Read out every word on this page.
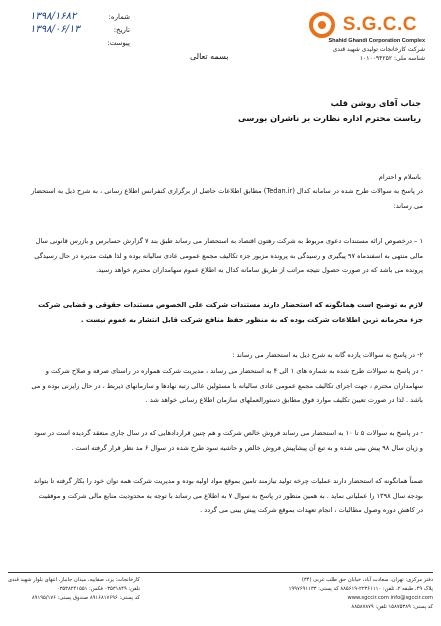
S.G.C.C
Shahid Ghandi Corporation Complex
شرکت کارخانجات تولیدی شهید قندی
شناسه ملی: ۱۰۱۰۰۹۴۲۵۲
بسمه تعالی
۱۳۹۸/۱۶۸۲	شماره:
۱۳۹۸/۰۶/۱۳	تاریخ:
پیوست:
جناب آقای روشن قلب
ریاست محترم اداره نظارت بر ناشران بورسی
باسلام و احترام
در پاسخ به سوالات طرح شده در سامانه کدال (Tedan.ir) مطابق اطلاعات حاصل از برگزاری کنفرانس اطلاع رسانی ، به شرح ذیل به استحضار می رساند:
۱ – درخصوص ارائه مستندات دعوی مربوط به شرکت رهتون اقتصاد به استحضار می رساند طبق بند ۷ گزارش حسابرس و بازرس قانونی سال مالی منتهی به اسفندماه ۹۷ پیگیری و رسیدگی به پرونده مزبور جزء تکالیف مجمع عمومی عادی سالیانه بوده و لذا هیئت مدیره در حال رسیدگی پرونده می باشد که در صورت حصول نتیجه مراتب از طریق سامانه کدال به اطلاع عموم سهامداران محترم خواهد رسید.
لازم به توضیح است همانگونه که استحضار دارند مستندات شرکت علی الخصوص مستندات حقوقی و قضایی شرکت جزء محرمانه ترین اطلاعات شرکت بوده که به منظور حفظ منافع شرکت قابل انتشار به عموم نیست .
۲- در پاسخ به سوالات یازده گانه به شرح ذیل به استحضار می رساند :
- در پاسخ به سوالات طرح شده به شماره های ۱ الی ۴ به استحضار می رساند ، مدیریت شرکت همواره در راستای صرفه و صلاح شرکت و سهامداران محترم ، جهت اجرای تکالیف مجمع عمومی عادی سالیانه با مسئولین عالی رتبه نهادها و سازمانهای ذیربط ، در حال رایزنی بوده و می باشد . لذا در صورت تعیین تکلیف موارد فوق مطابق دستورالعملهای سازمان اطلاع رسانی خواهد شد .
- در پاسخ به سوالات ۵ تا ۱۰ به استحضار می رساند فروش خالص شرکت و هم چنین قراردادهایی که در سال جاری منعقد گردیده است در سود و زیان سال ۹۸ پیش بینی شده و به تبع آن پیشاپیش فروش خالص و حاشیه سود طرح شده در سوال ۶ مد نظر قرار گرفته است .
ضمناً همانگونه که استحضار دارند عملیات چرخه تولید نیازمند تامین بموقع مواد اولیه بوده و مدیریت شرکت همه توان خود را بکار گرفته تا بتواند بودجه سال ۱۳۹۸ را عملیاتی نماید . به همین منظور در پاسخ به سوال ۷ به اطلاع می رساند با توجه به محدودیت منابع مالی شرکت و موفقیت در کاهش دوره وصول مطالبات ، انجام تعهدات بموقع شرکت پیش بینی می گردد .
دفتر مرکزی: تهران، سعادت آباد، خیابان حق طلب غربی (۳۴)
پلاک ۴۹، طبقه ۲، تلفن: ۲۲۳۶۱۱۱۰-۸۸۵۶۱۹ کد پستی: ۱۹۹۷۶۹۱۱۳۳
www.sgccir.com info@sgccir.com
کد پستی: ۱۵۸۷۵۳۸۹ تلفن: ۸۸۵۸۷۸۷۹
کارخانجات: یزد، صفاییه، میدان جانباز، انتهای بلوار شهید قندی
تلفن: ۰۳۵۳۱۸۴۹ فکس: ۰۳۵۳۸۲۴۱۵۵۱
کد پستی: ۸۹۱۶۸۱۷۶۹۶ صندوق پستی: ۸۹۱۹۵/۱۷۶
